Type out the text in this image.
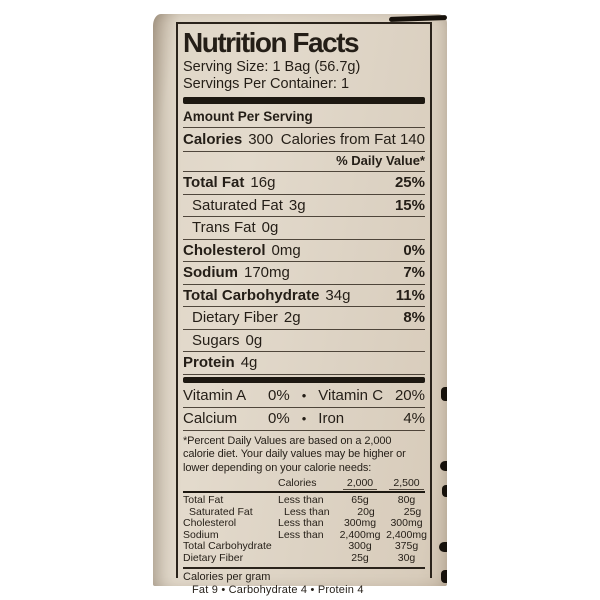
Nutrition Facts
Serving Size: 1 Bag (56.7g)
Servings Per Container: 1
Amount Per Serving
Calories 300 Calories from Fat 140
% Daily Value*
Total Fat 16g	25%
Saturated Fat 3g	15%
Trans Fat 0g
Cholesterol 0mg	0%
Sodium 170mg	7%
Total Carbohydrate 34g	11%
Dietary Fiber 2g	8%
Sugars 0g
Protein 4g
Vitamin A 0% • Vitamin C 20%
Calcium 0% • Iron	4%
*Percent Daily Values are based on a 2,000 calorie diet. Your daily values may be higher or lower depending on your calorie needs:
Calories	2,000	2,500
Total Fat	Less than	65g	80g
Saturated Fat	Less than	20g	25g
Cholesterol	Less than	300mg	300mg
Sodium	Less than	2,400mg 2,400mg
Total Carbohydrate	300g	375g
Dietary Fiber	25g	30g
Calories per gram
Fat 9 • Carbohydrate 4 • Protein 4
